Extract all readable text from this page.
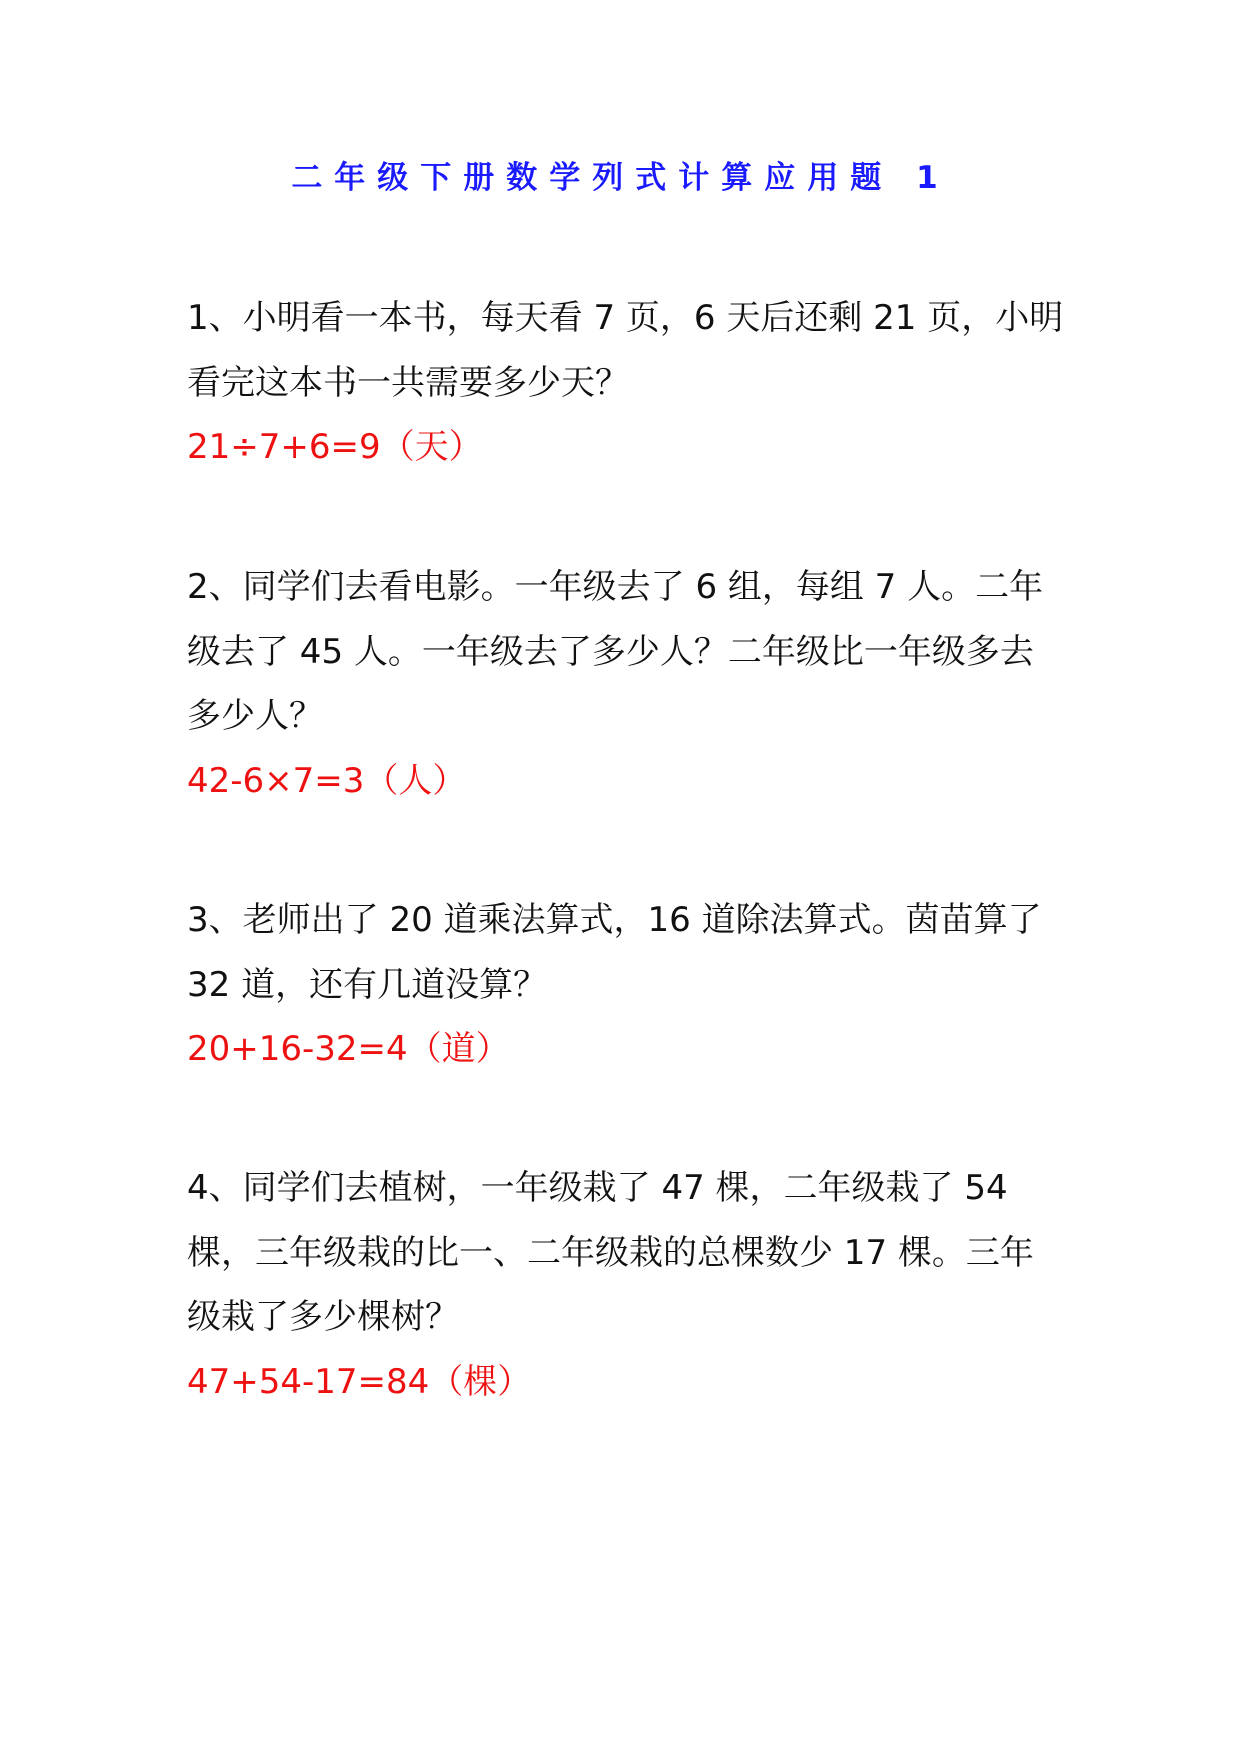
二年级下册数学列式计算应用题 1

1、小明看一本书，每天看 7 页，6 天后还剩 21 页，小明看完这本书一共需要多少天？

21÷7+6=9（天）

2、同学们去看电影。一年级去了 6 组，每组 7 人。二年级去了 45 人。一年级去了多少人？二年级比一年级多去多少人？

42-6×7=3（人）

3、老师出了 20 道乘法算式，16 道除法算式。茵苗算了 32 道，还有几道没算？

20+16-32=4（道）

4、同学们去植树，一年级栽了 47 棵，二年级栽了 54 棵，三年级栽的比一、二年级栽的总棵数少 17 棵。三年级栽了多少棵树？

47+54-17=84（棵）
